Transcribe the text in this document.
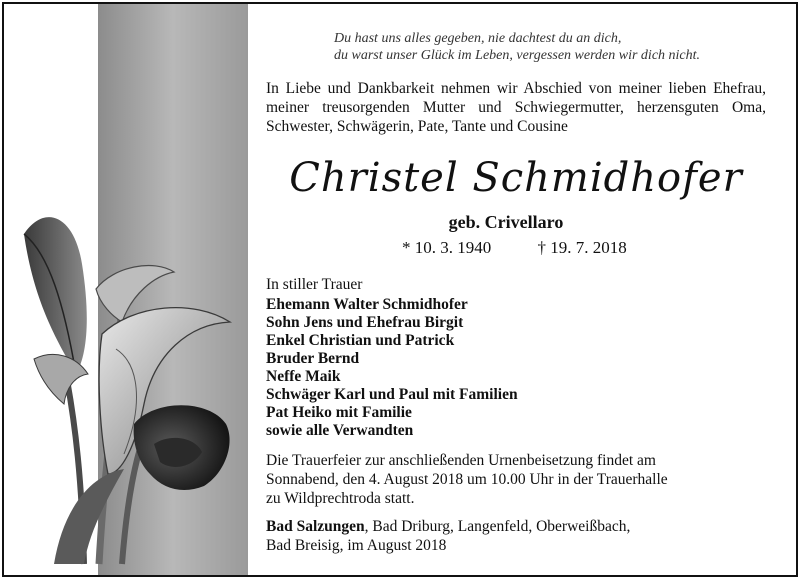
Du hast uns alles gegeben, nie dachtest du an dich,
du warst unser Glück im Leben, vergessen werden wir dich nicht.
In Liebe und Dankbarkeit nehmen wir Abschied von meiner lieben Ehefrau, meiner treusorgenden Mutter und Schwiegermutter, herzensguten Oma, Schwester, Schwägerin, Pate, Tante und Cousine
Christel Schmidhofer
geb. Crivellaro
* 10. 3. 1940	† 19. 7. 2018
In stiller Trauer
Ehemann Walter Schmidhofer
Sohn Jens und Ehefrau Birgit
Enkel Christian und Patrick
Bruder Bernd
Neffe Maik
Schwäger Karl und Paul mit Familien
Pat Heiko mit Familie
sowie alle Verwandten
Die Trauerfeier zur anschließenden Urnenbeisetzung findet am
Sonnabend, den 4. August 2018 um 10.00 Uhr in der Trauerhalle
zu Wildprechtroda statt.
Bad Salzungen, Bad Driburg, Langenfeld, Oberweißbach,
Bad Breisig, im August 2018
